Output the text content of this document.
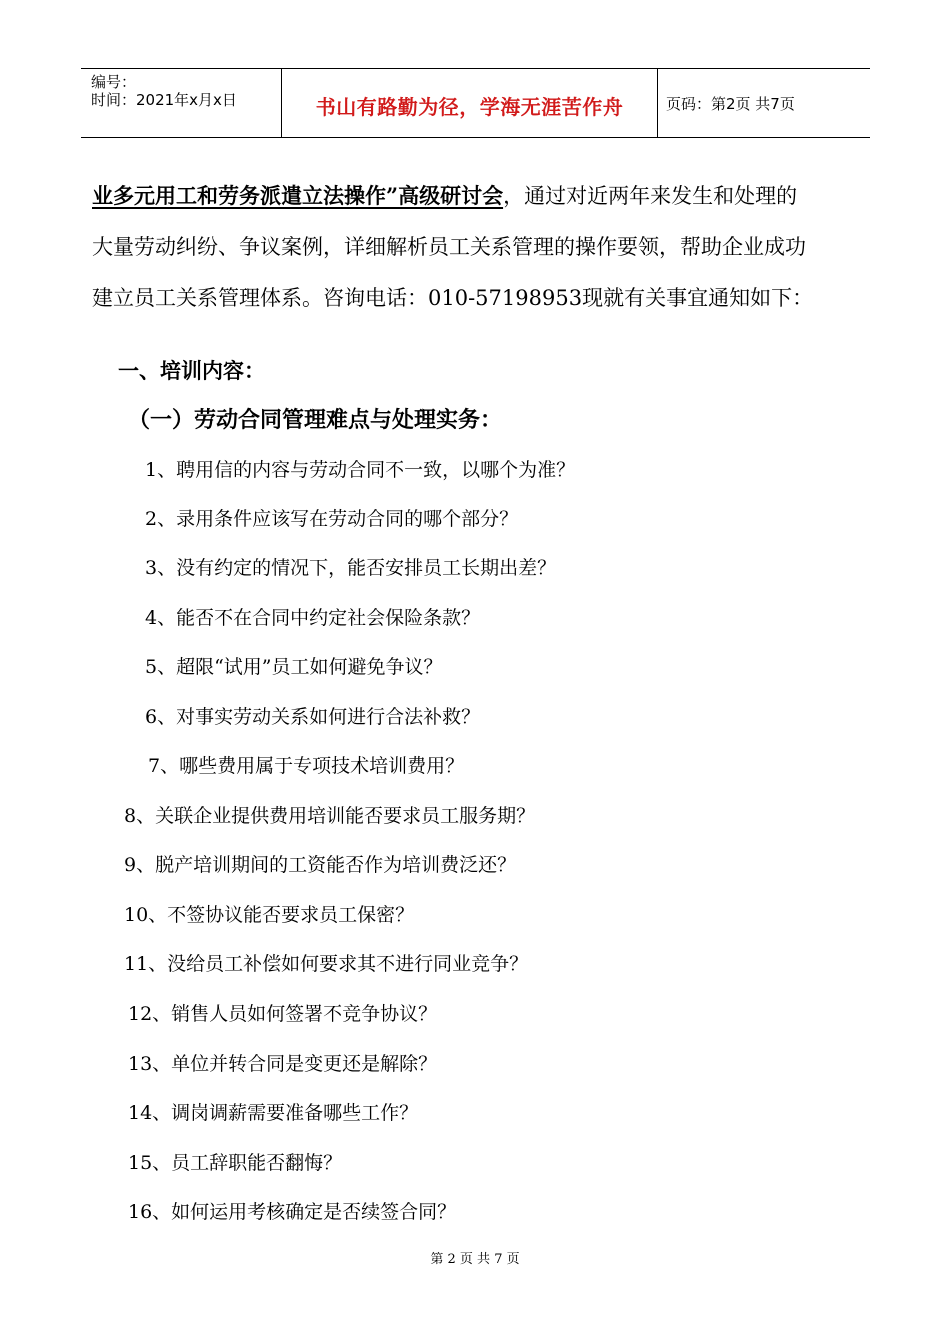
编号：
时间：2021年x月x日	书山有路勤为径，学海无涯苦作舟	页码：第2页 共7页
业多元用工和劳务派遣立法操作”高级研讨会，通过对近两年来发生和处理的
大量劳动纠纷、争议案例，详细解析员工关系管理的操作要领，帮助企业成功
建立员工关系管理体系。咨询电话：010-57198953现就有关事宜通知如下：
一、培训内容：
（一）劳动合同管理难点与处理实务：
1、聘用信的内容与劳动合同不一致，以哪个为准？
2、录用条件应该写在劳动合同的哪个部分？
3、没有约定的情况下，能否安排员工长期出差？
4、能否不在合同中约定社会保险条款？
5、超限“试用”员工如何避免争议？
6、对事实劳动关系如何进行合法补救？
7、哪些费用属于专项技术培训费用？
8、关联企业提供费用培训能否要求员工服务期？
9、脱产培训期间的工资能否作为培训费泛还？
10、不签协议能否要求员工保密？
11、没给员工补偿如何要求其不进行同业竞争？
12、销售人员如何签署不竞争协议？
13、单位并转合同是变更还是解除？
14、调岗调薪需要准备哪些工作？
15、员工辞职能否翻悔？
16、如何运用考核确定是否续签合同？
第 2 页 共 7 页
